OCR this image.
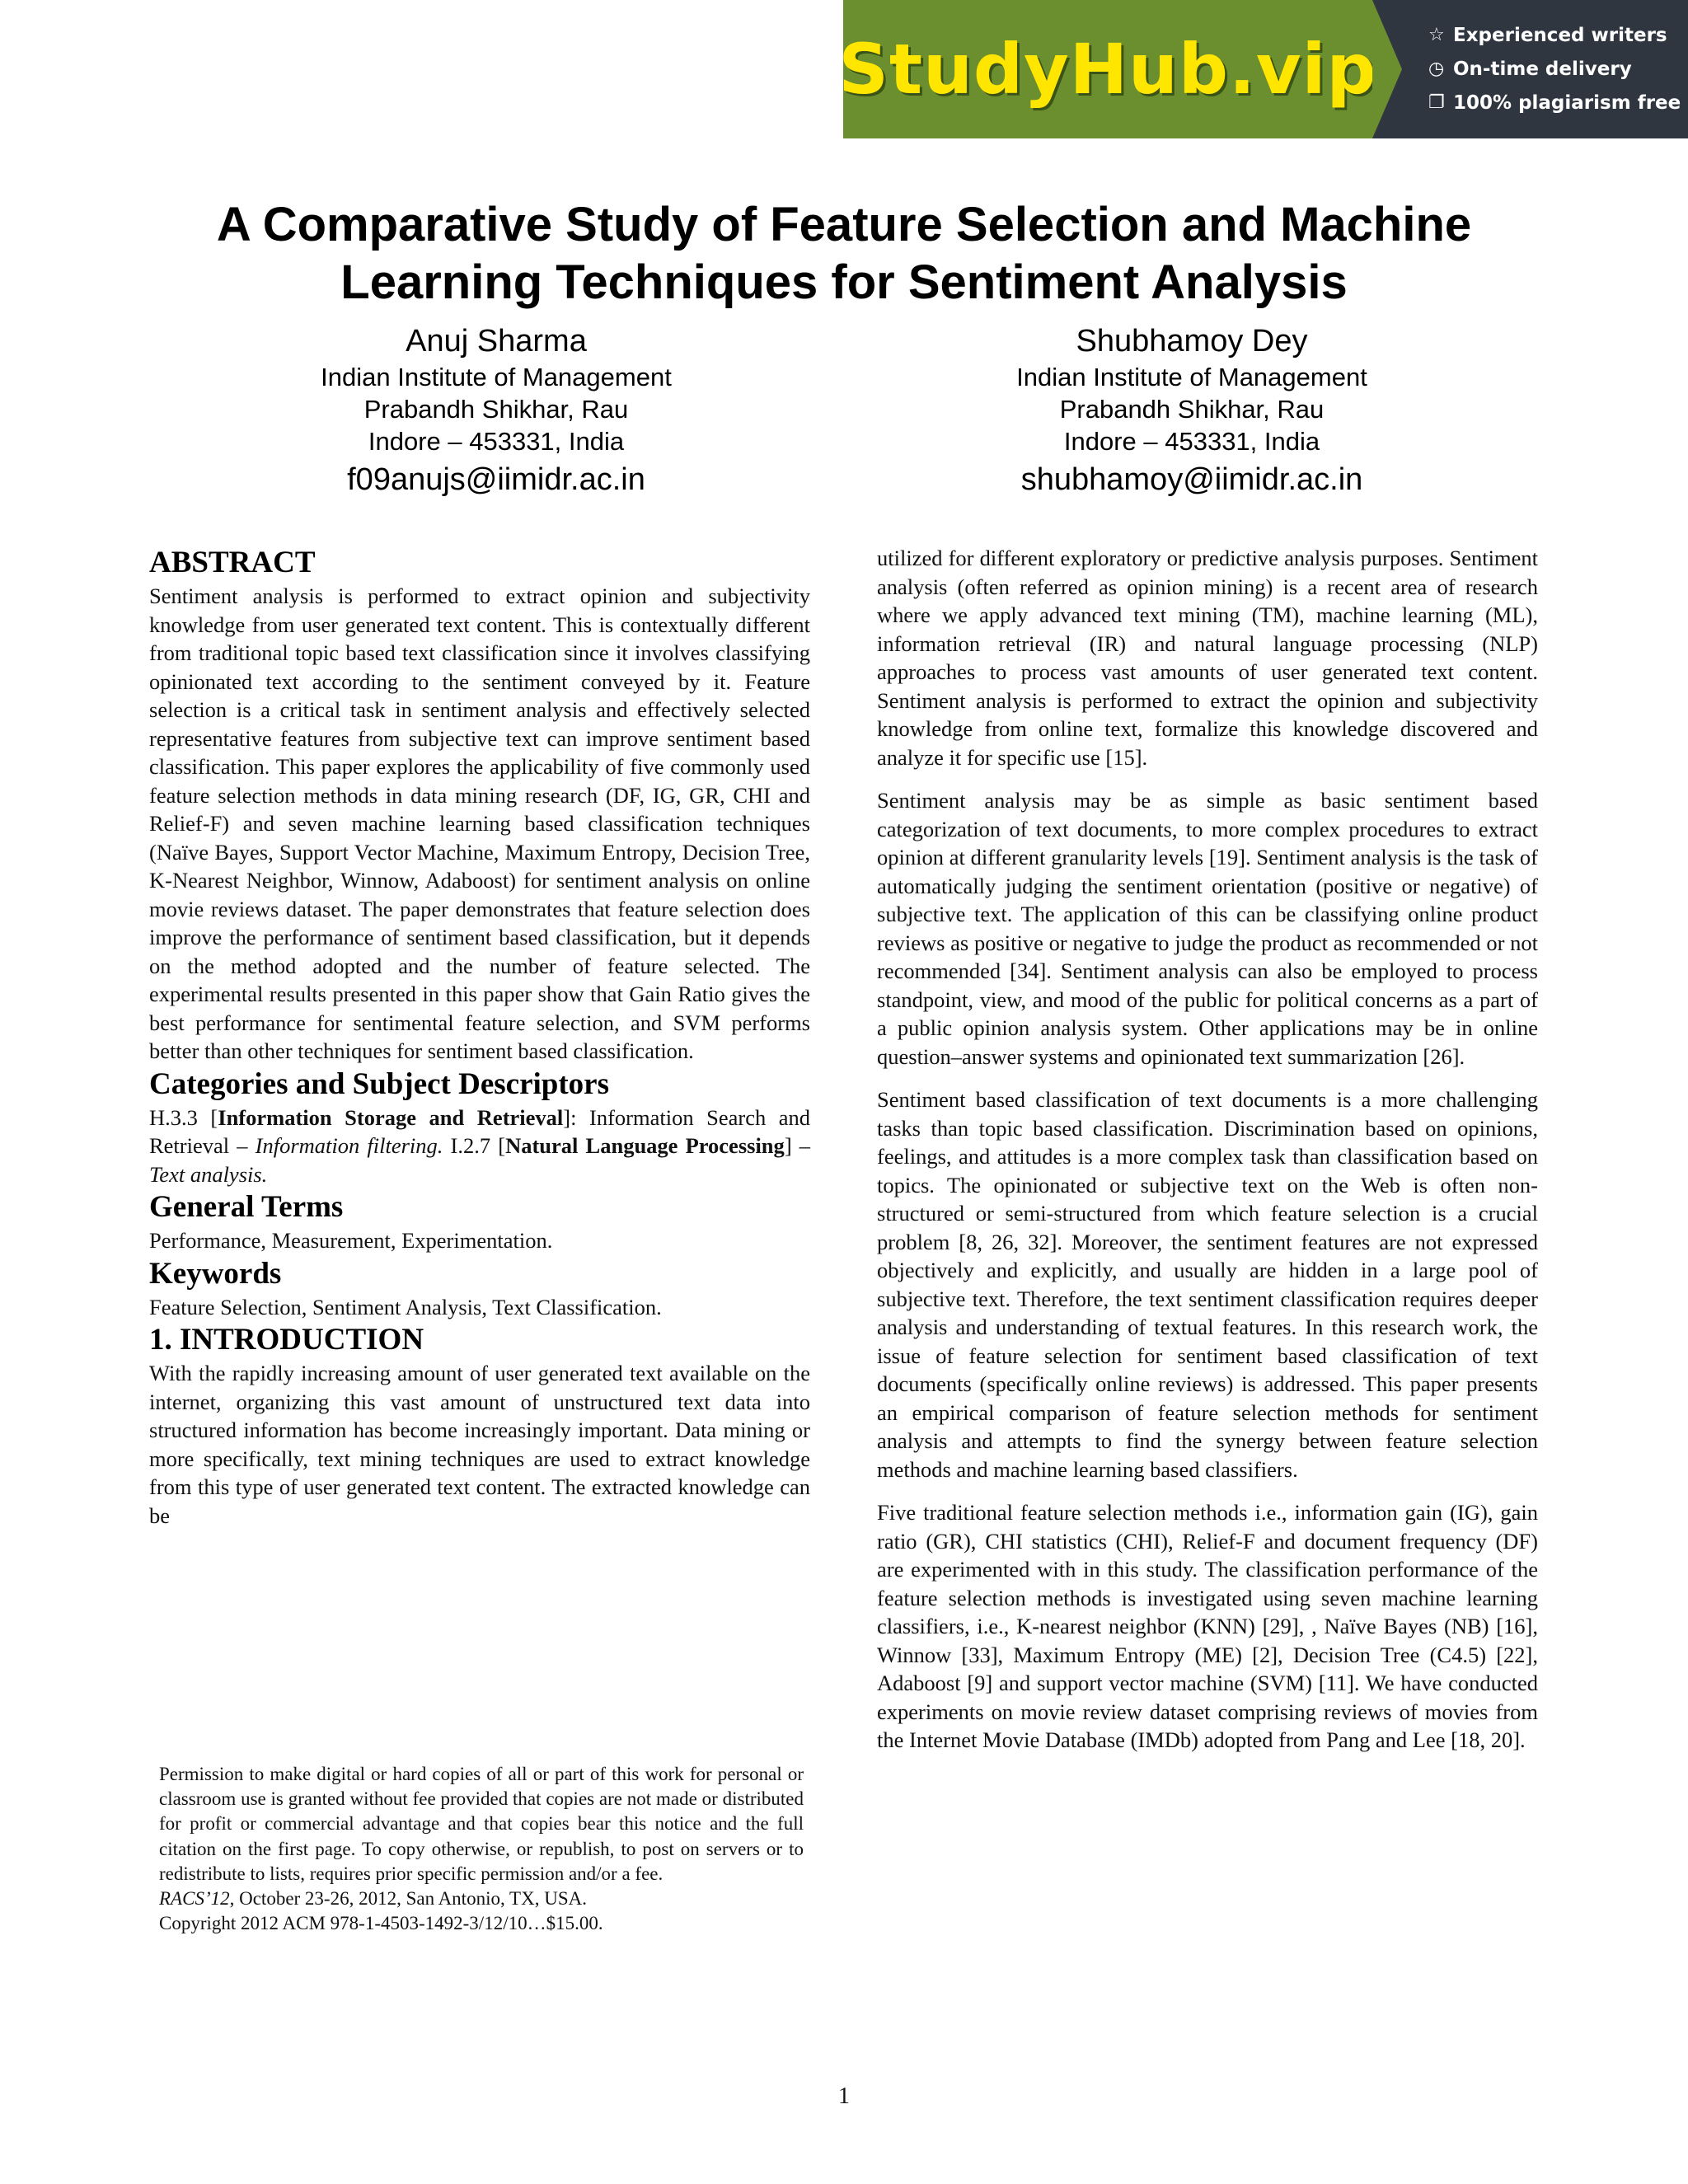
StudyHub.vip	☆ Experienced writers
◷ On-time delivery
❐ 100% plagiarism free
A Comparative Study of Feature Selection and Machine
Learning Techniques for Sentiment Analysis
Anuj Sharma
Indian Institute of Management
Prabandh Shikhar, Rau
Indore – 453331, India
f09anujs@iimidr.ac.in
Shubhamoy Dey
Indian Institute of Management
Prabandh Shikhar, Rau
Indore – 453331, India
shubhamoy@iimidr.ac.in
ABSTRACT

Sentiment analysis is performed to extract opinion and subjectivity knowledge from user generated text content. This is contextually different from traditional topic based text classification since it involves classifying opinionated text according to the sentiment conveyed by it. Feature selection is a critical task in sentiment analysis and effectively selected representative features from subjective text can improve sentiment based classification. This paper explores the applicability of five commonly used feature selection methods in data mining research (DF, IG, GR, CHI and Relief-F) and seven machine learning based classification techniques (Naïve Bayes, Support Vector Machine, Maximum Entropy, Decision Tree, K-Nearest Neighbor, Winnow, Adaboost) for sentiment analysis on online movie reviews dataset. The paper demonstrates that feature selection does improve the performance of sentiment based classification, but it depends on the method adopted and the number of feature selected. The experimental results presented in this paper show that Gain Ratio gives the best performance for sentimental feature selection, and SVM performs better than other techniques for sentiment based classification.

Categories and Subject Descriptors

H.3.3 [Information Storage and Retrieval]: Information Search and Retrieval – Information filtering. I.2.7 [Natural Language Processing] – Text analysis.

General Terms

Performance, Measurement, Experimentation.

Keywords

Feature Selection, Sentiment Analysis, Text Classification.

1. INTRODUCTION

With the rapidly increasing amount of user generated text available on the internet, organizing this vast amount of unstructured text data into structured information has become increasingly important. Data mining or more specifically, text mining techniques are used to extract knowledge from this type of user generated text content. The extracted knowledge can be

Permission to make digital or hard copies of all or part of this work for personal or classroom use is granted without fee provided that copies are not made or distributed for profit or commercial advantage and that copies bear this notice and the full citation on the first page. To copy otherwise, or republish, to post on servers or to redistribute to lists, requires prior specific permission and/or a fee.

RACS’12, October 23-26, 2012, San Antonio, TX, USA.

Copyright 2012 ACM 978-1-4503-1492-3/12/10…$15.00.

utilized for different exploratory or predictive analysis purposes. Sentiment analysis (often referred as opinion mining) is a recent area of research where we apply advanced text mining (TM), machine learning (ML), information retrieval (IR) and natural language processing (NLP) approaches to process vast amounts of user generated text content. Sentiment analysis is performed to extract the opinion and subjectivity knowledge from online text, formalize this knowledge discovered and analyze it for specific use [15].

Sentiment analysis may be as simple as basic sentiment based categorization of text documents, to more complex procedures to extract opinion at different granularity levels [19]. Sentiment analysis is the task of automatically judging the sentiment orientation (positive or negative) of subjective text. The application of this can be classifying online product reviews as positive or negative to judge the product as recommended or not recommended [34]. Sentiment analysis can also be employed to process standpoint, view, and mood of the public for political concerns as a part of a public opinion analysis system. Other applications may be in online question–answer systems and opinionated text summarization [26].

Sentiment based classification of text documents is a more challenging tasks than topic based classification. Discrimination based on opinions, feelings, and attitudes is a more complex task than classification based on topics. The opinionated or subjective text on the Web is often non-structured or semi-structured from which feature selection is a crucial problem [8, 26, 32]. Moreover, the sentiment features are not expressed objectively and explicitly, and usually are hidden in a large pool of subjective text. Therefore, the text sentiment classification requires deeper analysis and understanding of textual features. In this research work, the issue of feature selection for sentiment based classification of text documents (specifically online reviews) is addressed. This paper presents an empirical comparison of feature selection methods for sentiment analysis and attempts to find the synergy between feature selection methods and machine learning based classifiers.

Five traditional feature selection methods i.e., information gain (IG), gain ratio (GR), CHI statistics (CHI), Relief-F and document frequency (DF) are experimented with in this study. The classification performance of the feature selection methods is investigated using seven machine learning classifiers, i.e., K-nearest neighbor (KNN) [29], , Naïve Bayes (NB) [16], Winnow [33], Maximum Entropy (ME) [2], Decision Tree (C4.5) [22], Adaboost [9] and support vector machine (SVM) [11]. We have conducted experiments on movie review dataset comprising reviews of movies from the Internet Movie Database (IMDb) adopted from Pang and Lee [18, 20].

1
